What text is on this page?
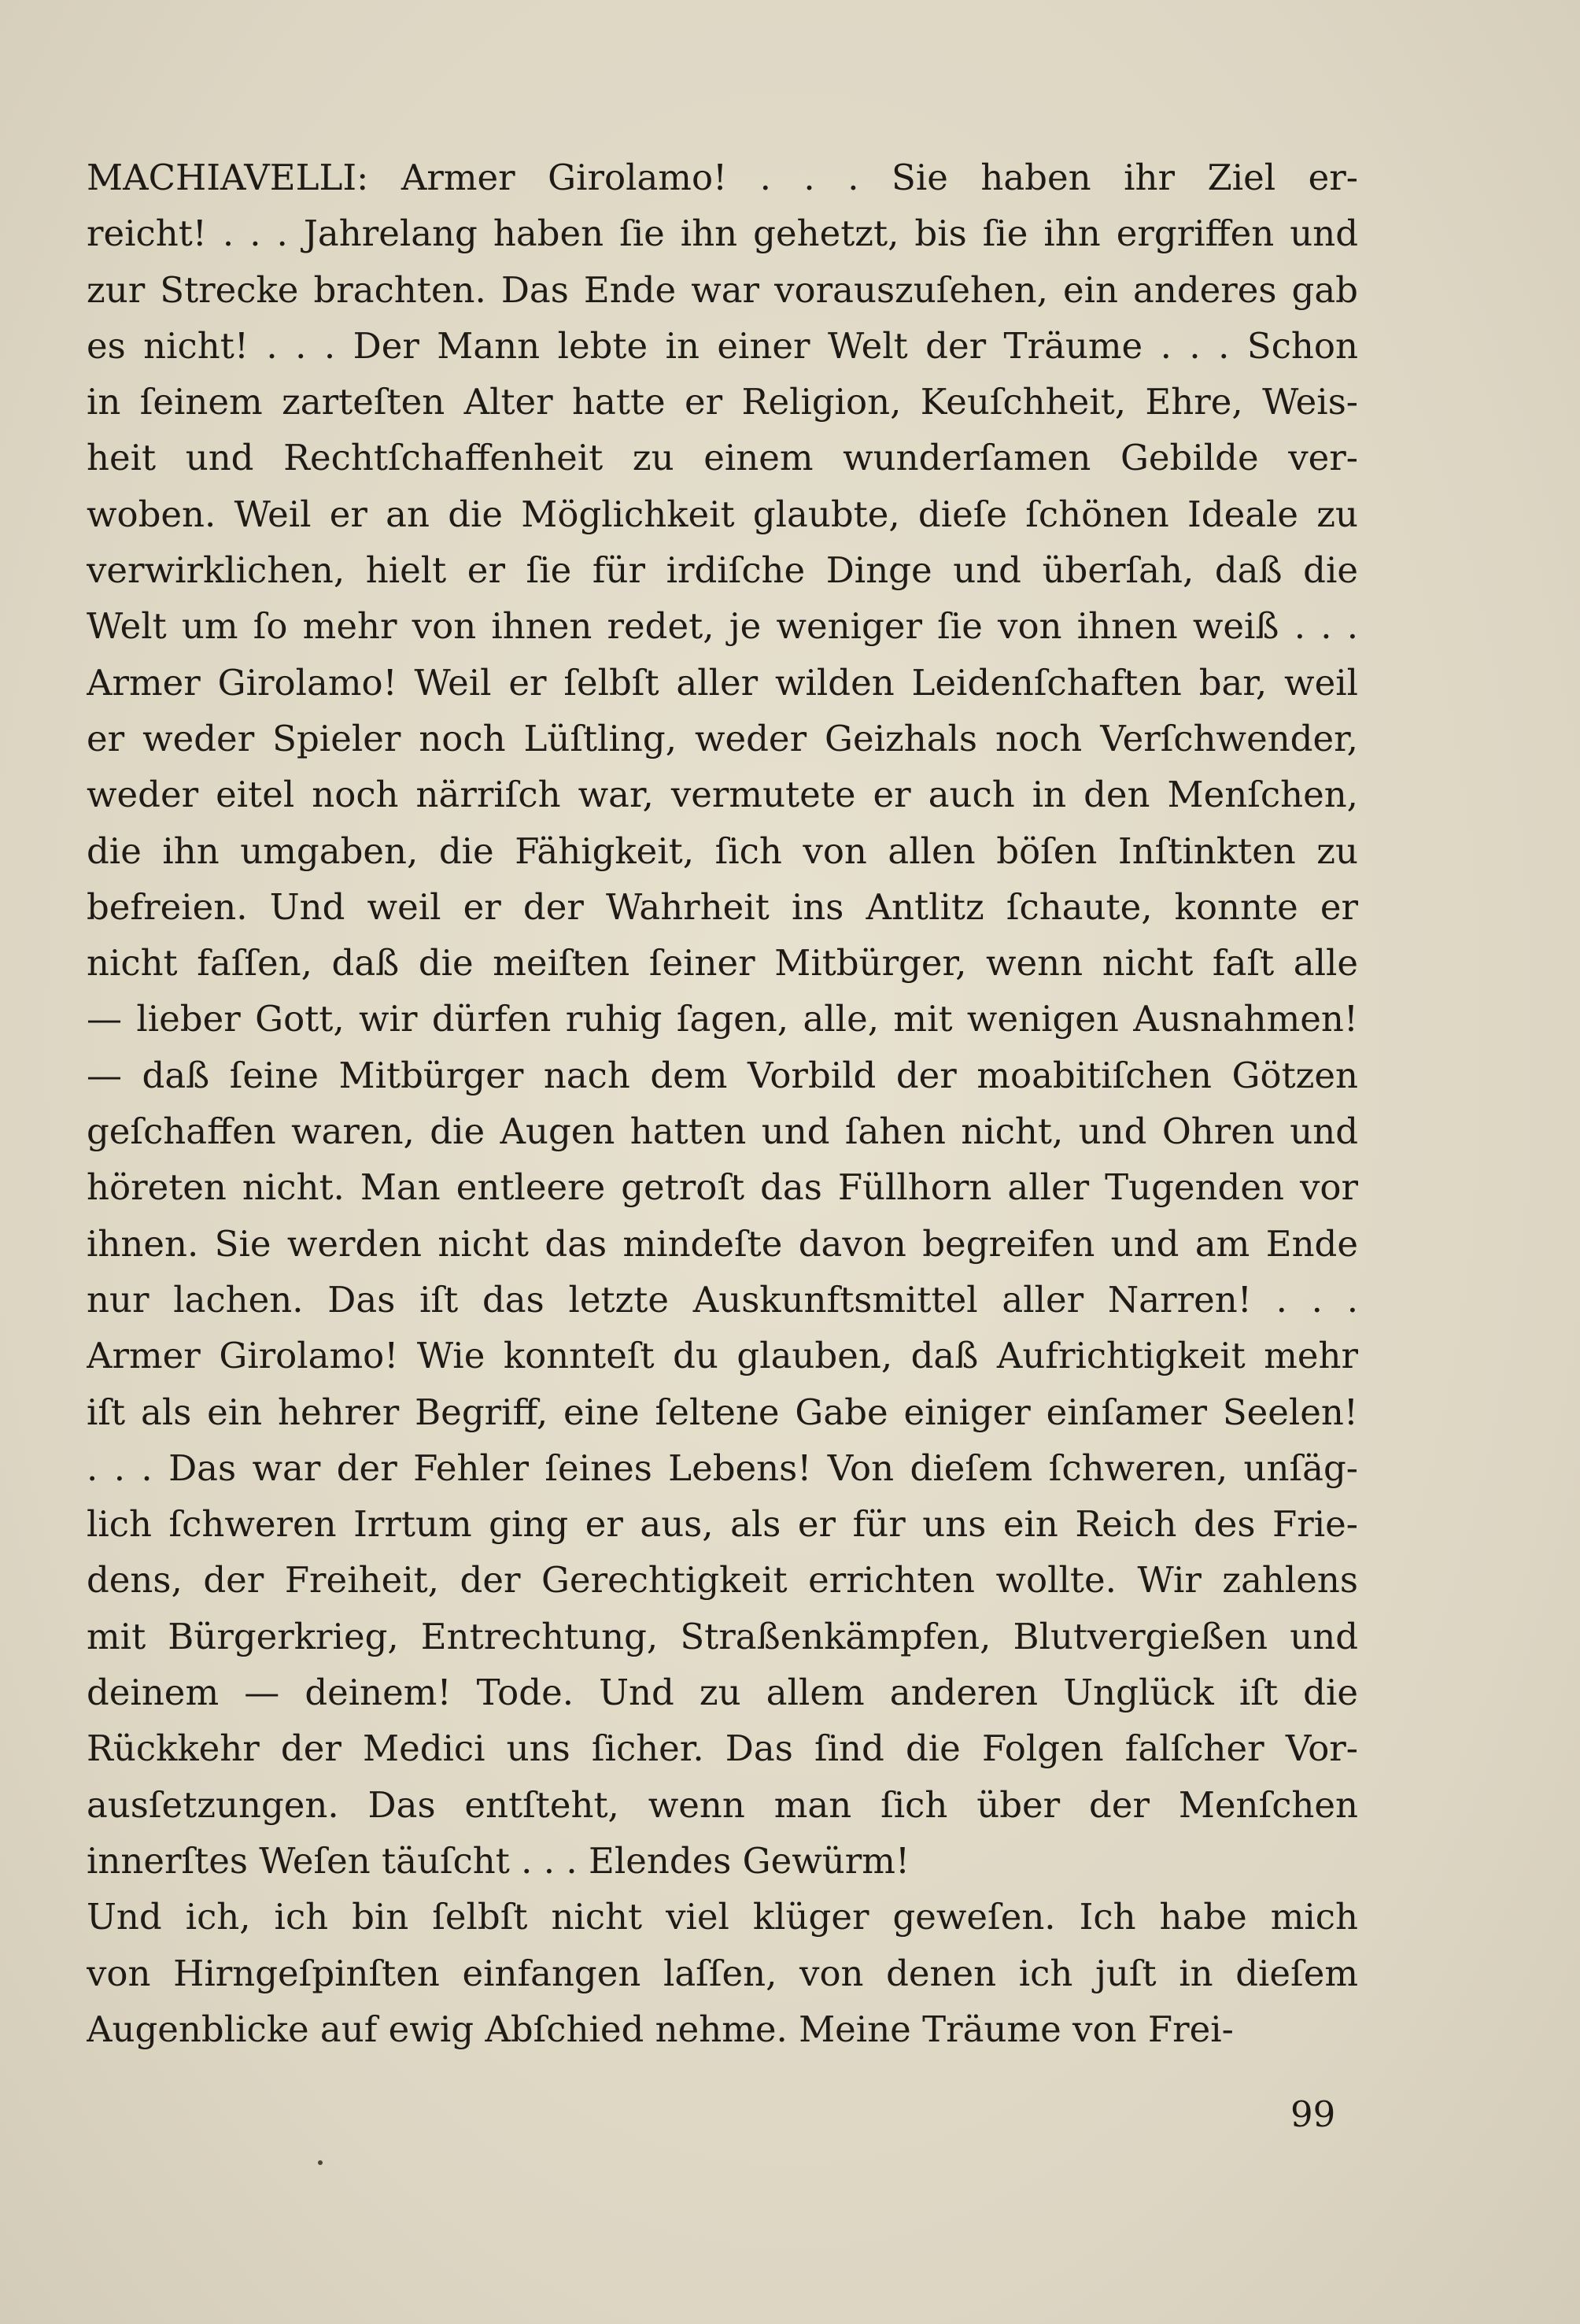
MACHIAVELLI: Armer Girolamo! . . . Sie haben ihr Ziel er-
reicht! . . . Jahrelang haben ſie ihn gehetzt, bis ſie ihn ergriffen und
zur Strecke brachten. Das Ende war vorauszuſehen, ein anderes gab
es nicht! . . . Der Mann lebte in einer Welt der Träume . . . Schon
in ſeinem zarteſten Alter hatte er Religion, Keuſchheit, Ehre, Weis-
heit und Rechtſchaffenheit zu einem wunderſamen Gebilde ver-
woben. Weil er an die Möglichkeit glaubte, dieſe ſchönen Ideale zu
verwirklichen, hielt er ſie für irdiſche Dinge und überſah, daß die
Welt um ſo mehr von ihnen redet, je weniger ſie von ihnen weiß . . .
Armer Girolamo! Weil er ſelbſt aller wilden Leidenſchaften bar, weil
er weder Spieler noch Lüſtling, weder Geizhals noch Verſchwender,
weder eitel noch närriſch war, vermutete er auch in den Menſchen,
die ihn umgaben, die Fähigkeit, ſich von allen böſen Inſtinkten zu
befreien. Und weil er der Wahrheit ins Antlitz ſchaute, konnte er
nicht faſſen, daß die meiſten ſeiner Mitbürger, wenn nicht faſt alle
— lieber Gott, wir dürfen ruhig ſagen, alle, mit wenigen Ausnahmen!
— daß ſeine Mitbürger nach dem Vorbild der moabitiſchen Götzen
geſchaffen waren, die Augen hatten und ſahen nicht, und Ohren und
höreten nicht. Man entleere getroſt das Füllhorn aller Tugenden vor
ihnen. Sie werden nicht das mindeſte davon begreifen und am Ende
nur lachen. Das iſt das letzte Auskunftsmittel aller Narren! . . .
Armer Girolamo! Wie konnteſt du glauben, daß Aufrichtigkeit mehr
iſt als ein hehrer Begriff, eine ſeltene Gabe einiger einſamer Seelen!
. . . Das war der Fehler ſeines Lebens! Von dieſem ſchweren, unſäg-
lich ſchweren Irrtum ging er aus, als er für uns ein Reich des Frie-
dens, der Freiheit, der Gerechtigkeit errichten wollte. Wir zahlens
mit Bürgerkrieg, Entrechtung, Straßenkämpfen, Blutvergießen und
deinem — deinem! Tode. Und zu allem anderen Unglück iſt die
Rückkehr der Medici uns ſicher. Das ſind die Folgen falſcher Vor-
ausſetzungen. Das entſteht, wenn man ſich über der Menſchen
innerſtes Weſen täuſcht . . . Elendes Gewürm!
Und ich, ich bin ſelbſt nicht viel klüger geweſen. Ich habe mich
von Hirngeſpinſten einfangen laſſen, von denen ich juſt in dieſem
Augenblicke auf ewig Abſchied nehme. Meine Träume von Frei-
99
